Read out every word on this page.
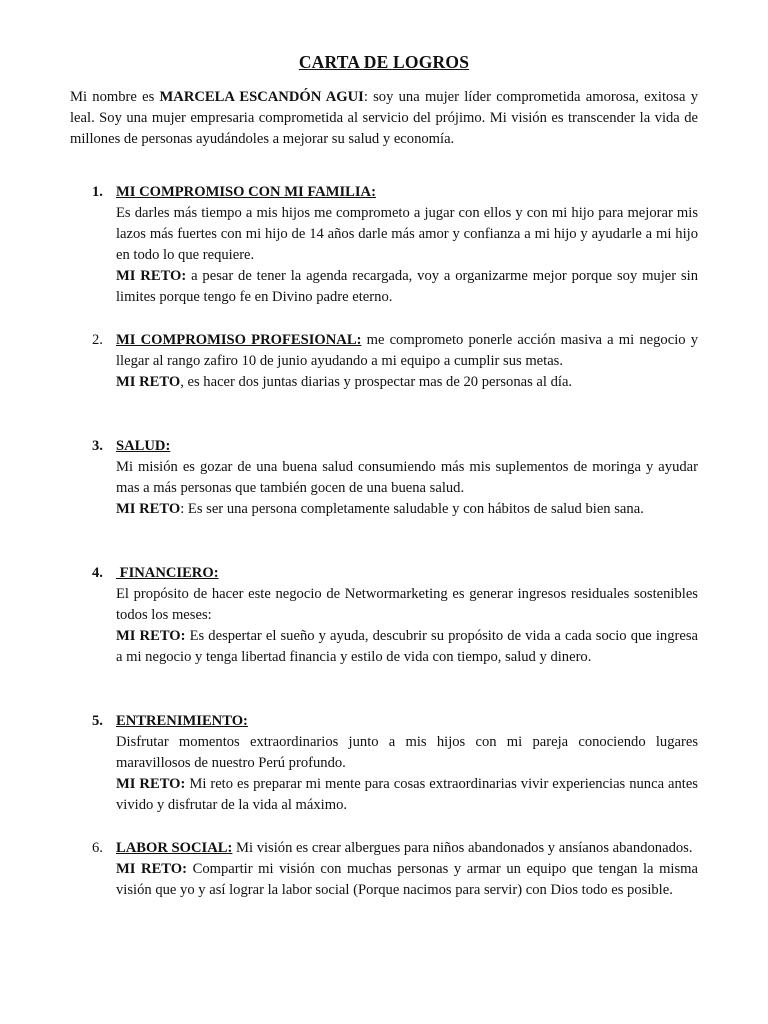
CARTA DE LOGROS

Mi nombre es MARCELA ESCANDÓN AGUI: soy una mujer líder comprometida amorosa, exitosa y leal. Soy una mujer empresaria comprometida al servicio del prójimo. Mi visión es transcender la vida de millones de personas ayudándoles a mejorar su salud y economía.

1. MI COMPROMISO CON MI FAMILIA:

Es darles más tiempo a mis hijos me comprometo a jugar con ellos y con mi hijo para mejorar mis lazos más fuertes con mi hijo de 14 años darle más amor y confianza a mi hijo y ayudarle a mi hijo en todo lo que requiere.

MI RETO: a pesar de tener la agenda recargada, voy a organizarme mejor porque soy mujer sin limites porque tengo fe en Divino padre eterno.

2. MI COMPROMISO PROFESIONAL: me comprometo ponerle acción masiva a mi negocio y llegar al rango zafiro 10 de junio ayudando a mi equipo a cumplir sus metas.

MI RETO, es hacer dos juntas diarias y prospectar mas de 20 personas al día.

3. SALUD:

Mi misión es gozar de una buena salud consumiendo más mis suplementos de moringa y ayudar mas a más personas que también gocen de una buena salud.

MI RETO: Es ser una persona completamente saludable y con hábitos de salud bien sana.

4. FINANCIERO:

El propósito de hacer este negocio de Networmarketing es generar ingresos residuales sostenibles todos los meses:

MI RETO: Es despertar el sueño y ayuda, descubrir su propósito de vida a cada socio que ingresa a mi negocio y tenga libertad financia y estilo de vida con tiempo, salud y dinero.

5. ENTRENIMIENTO:

Disfrutar momentos extraordinarios junto a mis hijos con mi pareja conociendo lugares maravillosos de nuestro Perú profundo.

MI RETO: Mi reto es preparar mi mente para cosas extraordinarias vivir experiencias nunca antes vivido y disfrutar de la vida al máximo.

6. LABOR SOCIAL: Mi visión es crear albergues para niños abandonados y ansíanos abandonados.

MI RETO: Compartir mi visión con muchas personas y armar un equipo que tengan la misma visión que yo y así lograr la labor social (Porque nacimos para servir) con Dios todo es posible.
